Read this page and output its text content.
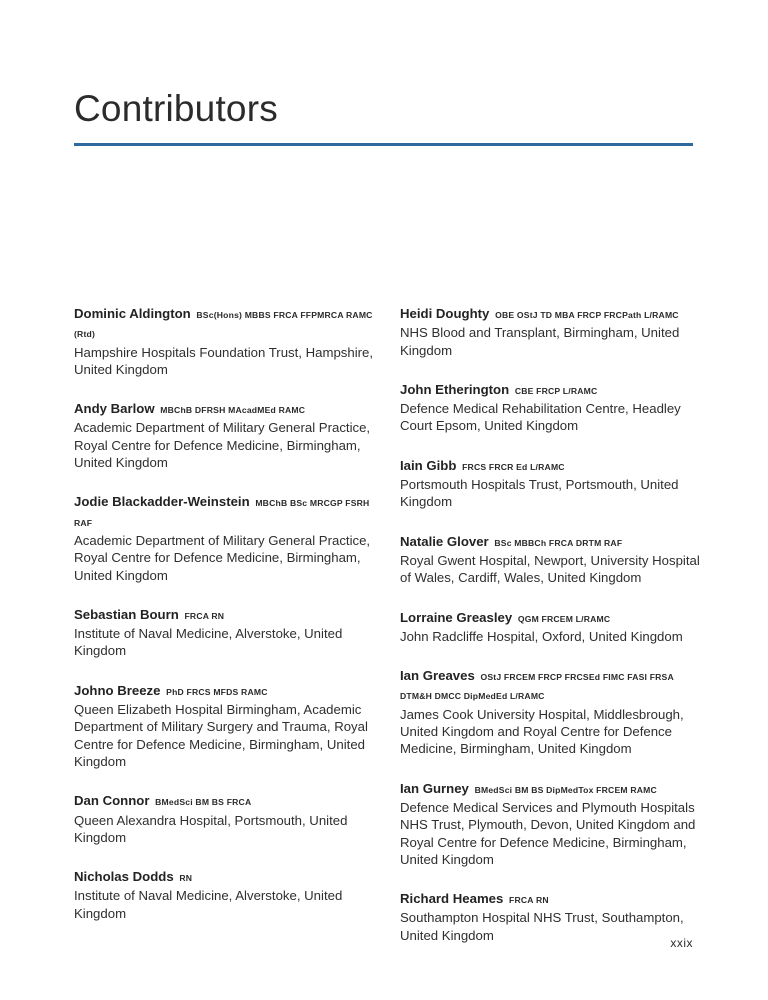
Contributors
Dominic Aldington BSc(Hons) MBBS FRCA FFPMRCA RAMC (Rtd)
Hampshire Hospitals Foundation Trust, Hampshire, United Kingdom
Andy Barlow MBChB DFRSH MAcadMEd RAMC
Academic Department of Military General Practice, Royal Centre for Defence Medicine, Birmingham, United Kingdom
Jodie Blackadder-Weinstein MBChB BSc MRCGP FSRH RAF
Academic Department of Military General Practice, Royal Centre for Defence Medicine, Birmingham, United Kingdom
Sebastian Bourn FRCA RN
Institute of Naval Medicine, Alverstoke, United Kingdom
Johno Breeze PhD FRCS MFDS RAMC
Queen Elizabeth Hospital Birmingham, Academic Department of Military Surgery and Trauma, Royal Centre for Defence Medicine, Birmingham, United Kingdom
Dan Connor BMedSci BM BS FRCA
Queen Alexandra Hospital, Portsmouth, United Kingdom
Nicholas Dodds RN
Institute of Naval Medicine, Alverstoke, United Kingdom
Heidi Doughty OBE OStJ TD MBA FRCP FRCPath L/RAMC
NHS Blood and Transplant, Birmingham, United Kingdom
John Etherington CBE FRCP L/RAMC
Defence Medical Rehabilitation Centre, Headley Court Epsom, United Kingdom
Iain Gibb FRCS FRCR Ed L/RAMC
Portsmouth Hospitals Trust, Portsmouth, United Kingdom
Natalie Glover BSc MBBCh FRCA DRTM RAF
Royal Gwent Hospital, Newport, University Hospital of Wales, Cardiff, Wales, United Kingdom
Lorraine Greasley QGM FRCEM L/RAMC
John Radcliffe Hospital, Oxford, United Kingdom
Ian Greaves OStJ FRCEM FRCP FRCSEd FIMC FASI FRSA DTM&H DMCC DipMedEd L/RAMC
James Cook University Hospital, Middlesbrough, United Kingdom and Royal Centre for Defence Medicine, Birmingham, United Kingdom
Ian Gurney BMedSci BM BS DipMedTox FRCEM RAMC
Defence Medical Services and Plymouth Hospitals NHS Trust, Plymouth, Devon, United Kingdom and Royal Centre for Defence Medicine, Birmingham, United Kingdom
Richard Heames FRCA RN
Southampton Hospital NHS Trust, Southampton, United Kingdom
xxix
